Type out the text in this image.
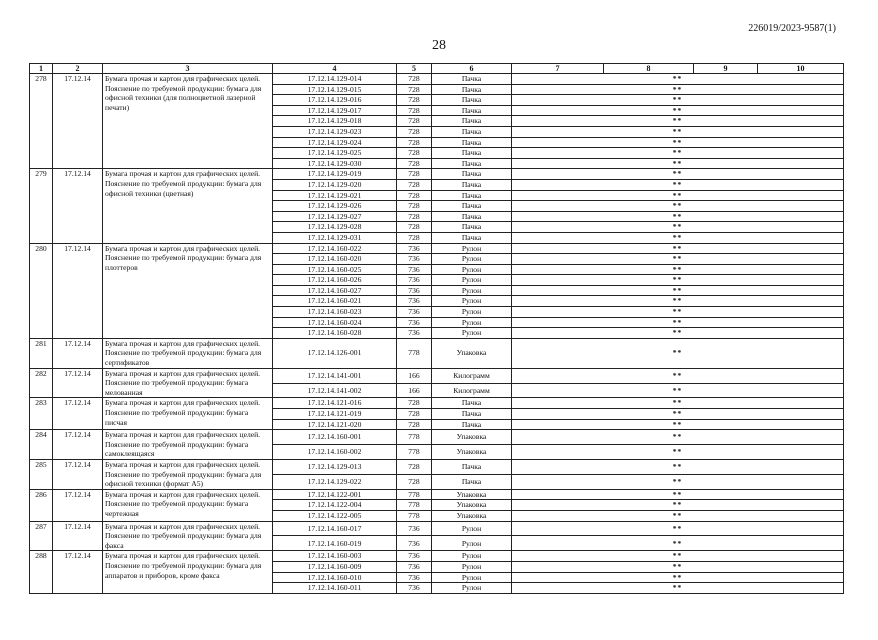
226019/2023-9587(1)
28
1	2	3	4	5	6	7	8	9	10
278	17.12.14	Бумага прочая и картон для графических целей. Пояснение по требуемой продукции: бумага для офисной техники (для полноцветной лазерной печати)	17.12.14.129-014	728	Пачка	**			
			17.12.14.129-015	728	Пачка	**			
			17.12.14.129-016	728	Пачка	**			
			17.12.14.129-017	728	Пачка	**			
			17.12.14.129-018	728	Пачка	**			
			17.12.14.129-023	728	Пачка	**			
			17.12.14.129-024	728	Пачка	**			
			17.12.14.129-025	728	Пачка	**			
			17.12.14.129-030	728	Пачка	**			
279	17.12.14	Бумага прочая и картон для графических целей. Пояснение по требуемой продукции: бумага для офисной техники (цветная)	17.12.14.129-019	728	Пачка	**			
			17.12.14.129-020	728	Пачка	**			
			17.12.14.129-021	728	Пачка	**			
			17.12.14.129-026	728	Пачка	**			
			17.12.14.129-027	728	Пачка	**			
			17.12.14.129-028	728	Пачка	**			
			17.12.14.129-031	728	Пачка	**			
280	17.12.14	Бумага прочая и картон для графических целей. Пояснение по требуемой продукции: бумага для плоттеров	17.12.14.160-022	736	Рулон	**			
			17.12.14.160-020	736	Рулон	**			
			17.12.14.160-025	736	Рулон	**			
			17.12.14.160-026	736	Рулон	**			
			17.12.14.160-027	736	Рулон	**			
			17.12.14.160-021	736	Рулон	**			
			17.12.14.160-023	736	Рулон	**			
			17.12.14.160-024	736	Рулон	**			
			17.12.14.160-028	736	Рулон	**			
281	17.12.14	Бумага прочая и картон для графических целей. Пояснение по требуемой продукции: бумага для сертификатов	17.12.14.126-001	778	Упаковка	**			
282	17.12.14	Бумага прочая и картон для графических целей. Пояснение по требуемой продукции: бумага мелованная	17.12.14.141-001	166	Килограмм	**			
			17.12.14.141-002	166	Килограмм	**			
283	17.12.14	Бумага прочая и картон для графических целей. Пояснение по требуемой продукции: бумага писчая	17.12.14.121-016	728	Пачка	**			
			17.12.14.121-019	728	Пачка	**			
			17.12.14.121-020	728	Пачка	**			
284	17.12.14	Бумага прочая и картон для графических целей. Пояснение по требуемой продукции: бумага самоклеящаяся	17.12.14.160-001	778	Упаковка	**			
			17.12.14.160-002	778	Упаковка	**			
285	17.12.14	Бумага прочая и картон для графических целей. Пояснение по требуемой продукции: бумага для офисной техники (формат А5)	17.12.14.129-013	728	Пачка	**			
			17.12.14.129-022	728	Пачка	**			
286	17.12.14	Бумага прочая и картон для графических целей. Пояснение по требуемой продукции: бумага чертежная	17.12.14.122-001	778	Упаковка	**			
			17.12.14.122-004	778	Упаковка	**			
			17.12.14.122-005	778	Упаковка	**			
287	17.12.14	Бумага прочая и картон для графических целей. Пояснение по требуемой продукции: бумага для факса	17.12.14.160-017	736	Рулон	**			
			17.12.14.160-019	736	Рулон	**			
288	17.12.14	Бумага прочая и картон для графических целей. Пояснение по требуемой продукции: бумага для аппаратов и приборов, кроме факса	17.12.14.160-003	736	Рулон	**			
			17.12.14.160-009	736	Рулон	**			
			17.12.14.160-010	736	Рулон	**			
			17.12.14.160-011	736	Рулон	**			
